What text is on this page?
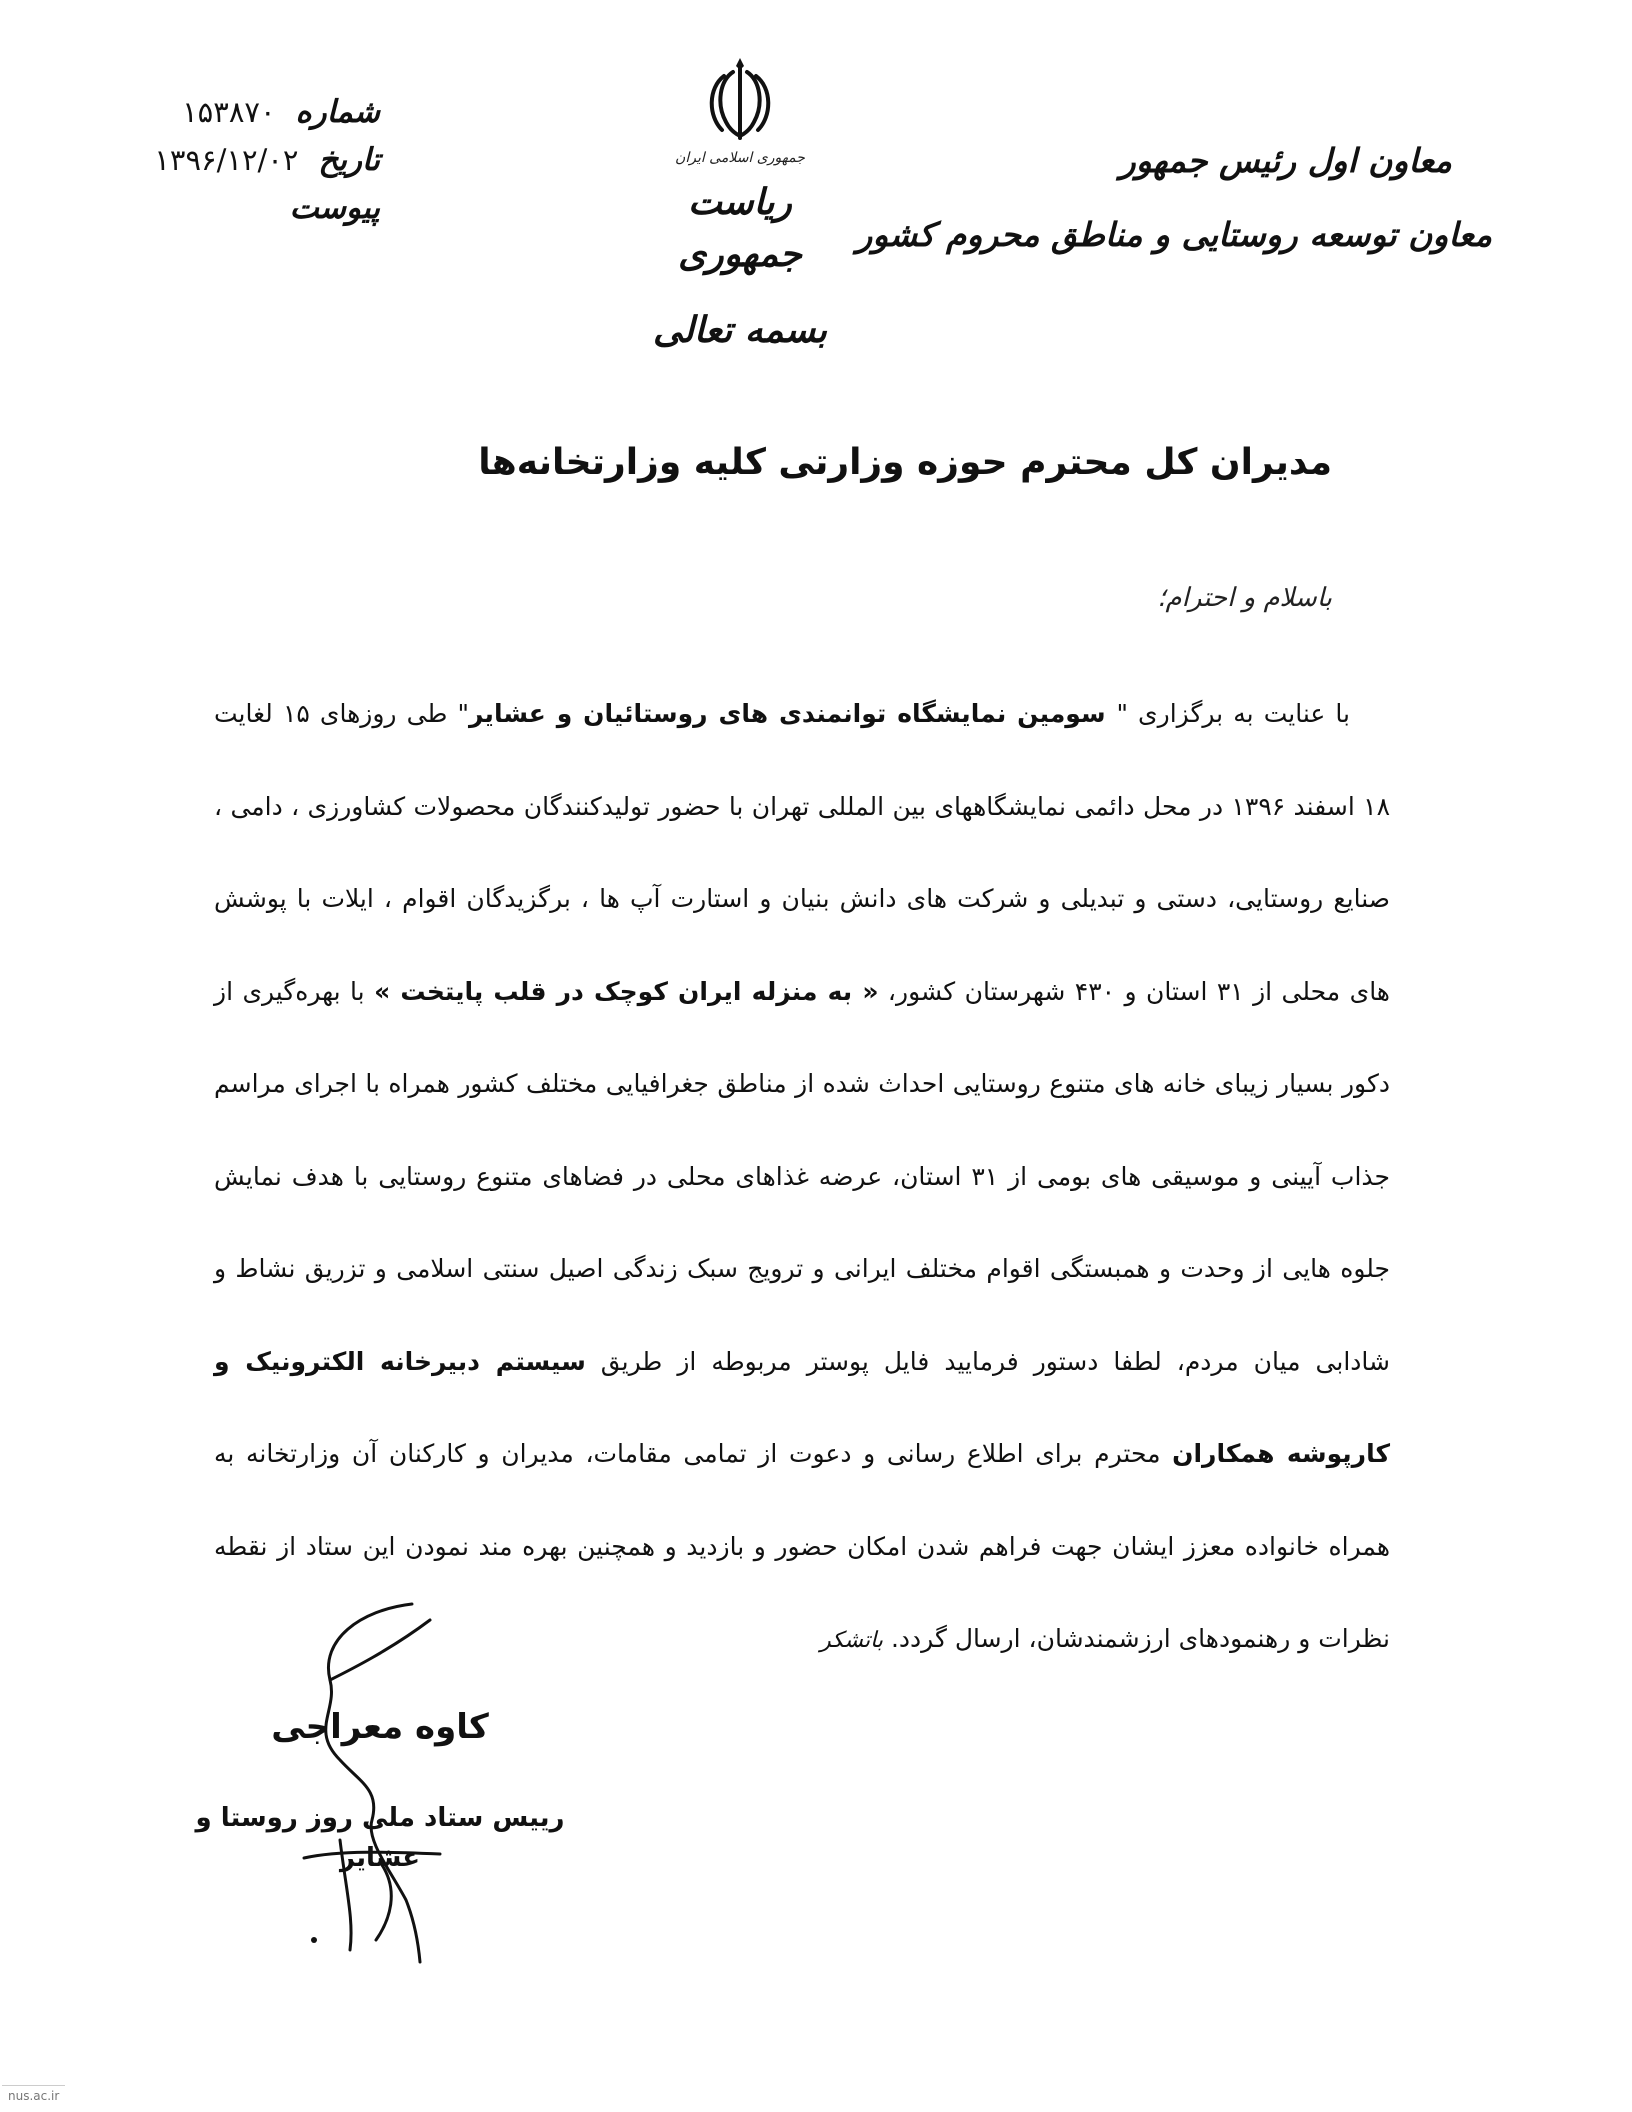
شماره ۱۵۳۸۷۰
تاریخ ۱۳۹۶/۱۲/۰۲
پیوست
جمهوری اسلامی ایران
ریاست جمهوری
بسمه تعالی
معاون اول رئیس جمهور
معاون توسعه روستایی و مناطق محروم کشور
مدیران کل محترم حوزه وزارتی کلیه وزارتخانه‌ها
باسلام و احترام؛
با عنایت به برگزاری " سومین نمایشگاه توانمندی های روستائیان و عشایر" طی روزهای ۱۵ لغایت ۱۸ اسفند ۱۳۹۶ در محل دائمی نمایشگاههای بین المللی تهران با حضور تولیدکنندگان محصولات کشاورزی ، دامی ، صنایع روستایی، دستی و تبدیلی و شرکت های دانش بنیان و استارت آپ ها ، برگزیدگان اقوام ، ایلات با پوشش های محلی از ۳۱ استان و ۴۳۰ شهرستان کشور، « به منزله ایران کوچک در قلب پایتخت » با بهره‌گیری از دکور بسیار زیبای خانه های متنوع روستایی احداث شده از مناطق جغرافیایی مختلف کشور همراه با اجرای مراسم جذاب آیینی و موسیقی های بومی از ۳۱ استان، عرضه غذاهای محلی در فضاهای متنوع روستایی با هدف نمایش جلوه هایی از وحدت و همبستگی اقوام مختلف ایرانی و ترویج سبک زندگی اصیل سنتی اسلامی و تزریق نشاط و شادابی میان مردم، لطفا دستور فرمایید فایل پوستر مربوطه از طریق سیستم دبیرخانه الکترونیک و کارپوشه همکاران محترم برای اطلاع رسانی و دعوت از تمامی مقامات، مدیران و کارکنان آن وزارتخانه به همراه خانواده معزز ایشان جهت فراهم شدن امکان حضور و بازدید و همچنین بهره مند نمودن این ستاد از نقطه نظرات و رهنمودهای ارزشمندشان، ارسال گردد.باتشکر
کاوه معراجی
رییس ستاد ملی روز روستا و عشایر
nus.ac.ir
